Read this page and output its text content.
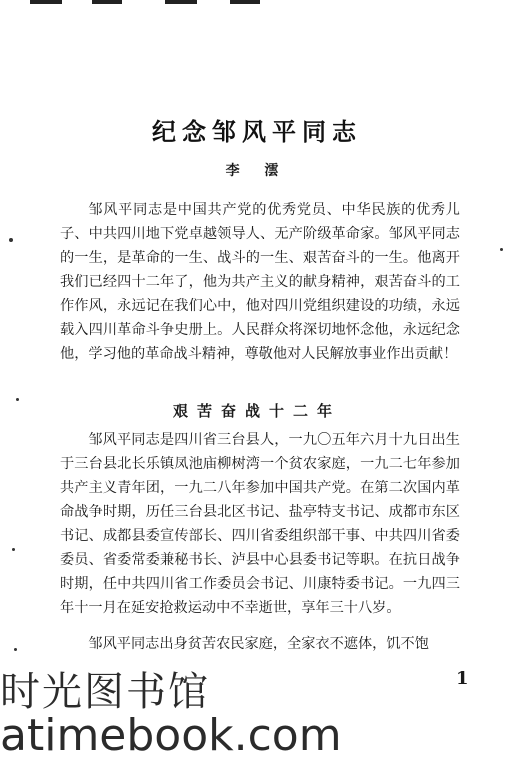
纪念邹风平同志
李 澐

邹风平同志是中国共产党的优秀党员、中华民族的优秀儿子、中共四川地下党卓越领导人、无产阶级革命家。邹风平同志的一生，是革命的一生、战斗的一生、艰苦奋斗的一生。他离开我们已经四十二年了，他为共产主义的献身精神，艰苦奋斗的工作作风，永远记在我们心中，他对四川党组织建设的功绩，永远载入四川革命斗争史册上。人民群众将深切地怀念他，永远纪念他，学习他的革命战斗精神，尊敬他对人民解放事业作出贡献！

艰苦奋战十二年

邹风平同志是四川省三台县人，一九〇五年六月十九日出生于三台县北长乐镇凤池庙柳树湾一个贫农家庭，一九二七年参加共产主义青年团，一九二八年参加中国共产党。在第二次国内革命战争时期，历任三台县北区书记、盐亭特支书记、成都市东区书记、成都县委宣传部长、四川省委组织部干事、中共四川省委委员、省委常委兼秘书长、泸县中心县委书记等职。在抗日战争时期，任中共四川省工作委员会书记、川康特委书记。一九四三年十一月在延安抢救运动中不幸逝世，享年三十八岁。

邹风平同志出身贫苦农民家庭，全家衣不遮体，饥不饱

1
时光图书馆
atimebook.com
